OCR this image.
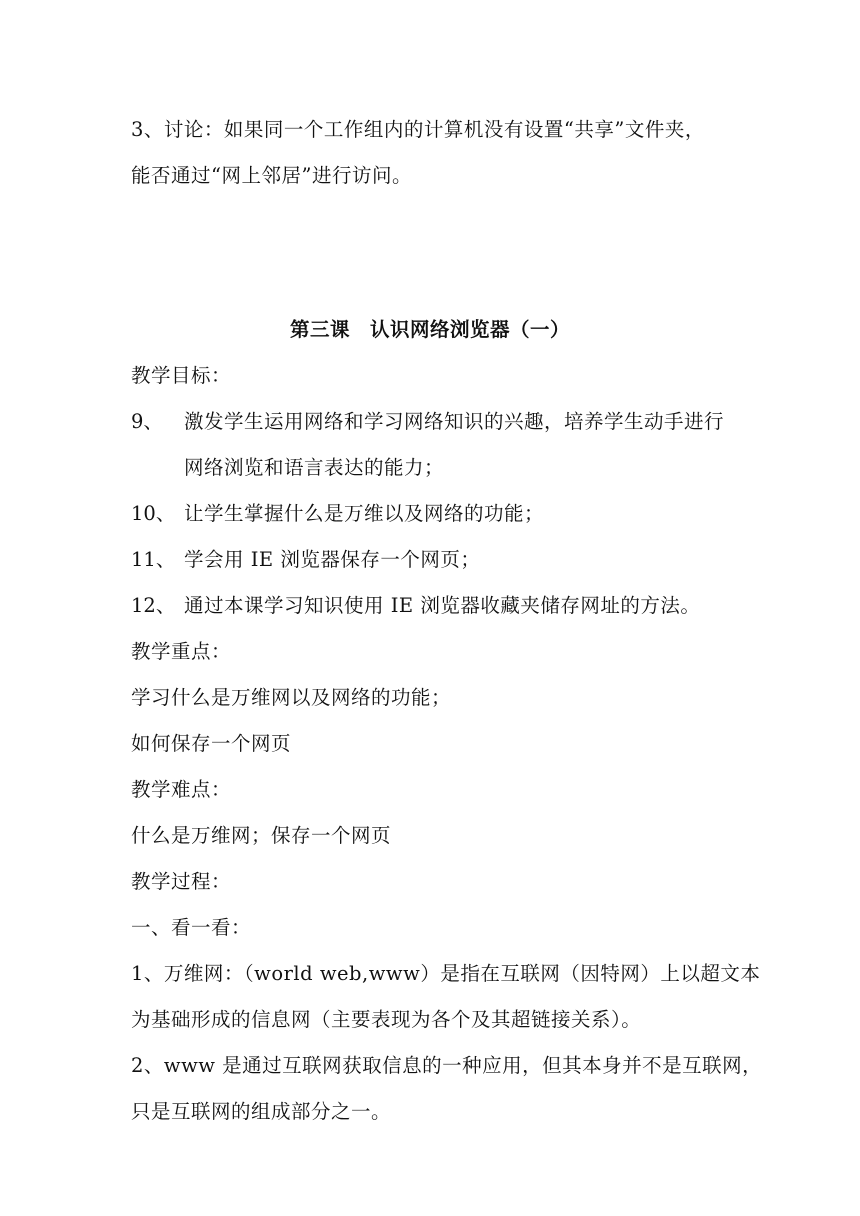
3、讨论：如果同一个工作组内的计算机没有设置“共享”文件夹，
能否通过“网上邻居”进行访问。
第三课　认识网络浏览器（一）
教学目标：
9、 激发学生运用网络和学习网络知识的兴趣，培养学生动手进行
网络浏览和语言表达的能力；
10、 让学生掌握什么是万维以及网络的功能；
11、 学会用 IE 浏览器保存一个网页；
12、 通过本课学习知识使用 IE 浏览器收藏夹储存网址的方法。
教学重点：
学习什么是万维网以及网络的功能；
如何保存一个网页
教学难点：
什么是万维网；保存一个网页
教学过程：
一、看一看：
1、万维网：（world web,www）是指在互联网（因特网）上以超文本
为基础形成的信息网（主要表现为各个及其超链接关系）。
2、www 是通过互联网获取信息的一种应用，但其本身并不是互联网，
只是互联网的组成部分之一。
